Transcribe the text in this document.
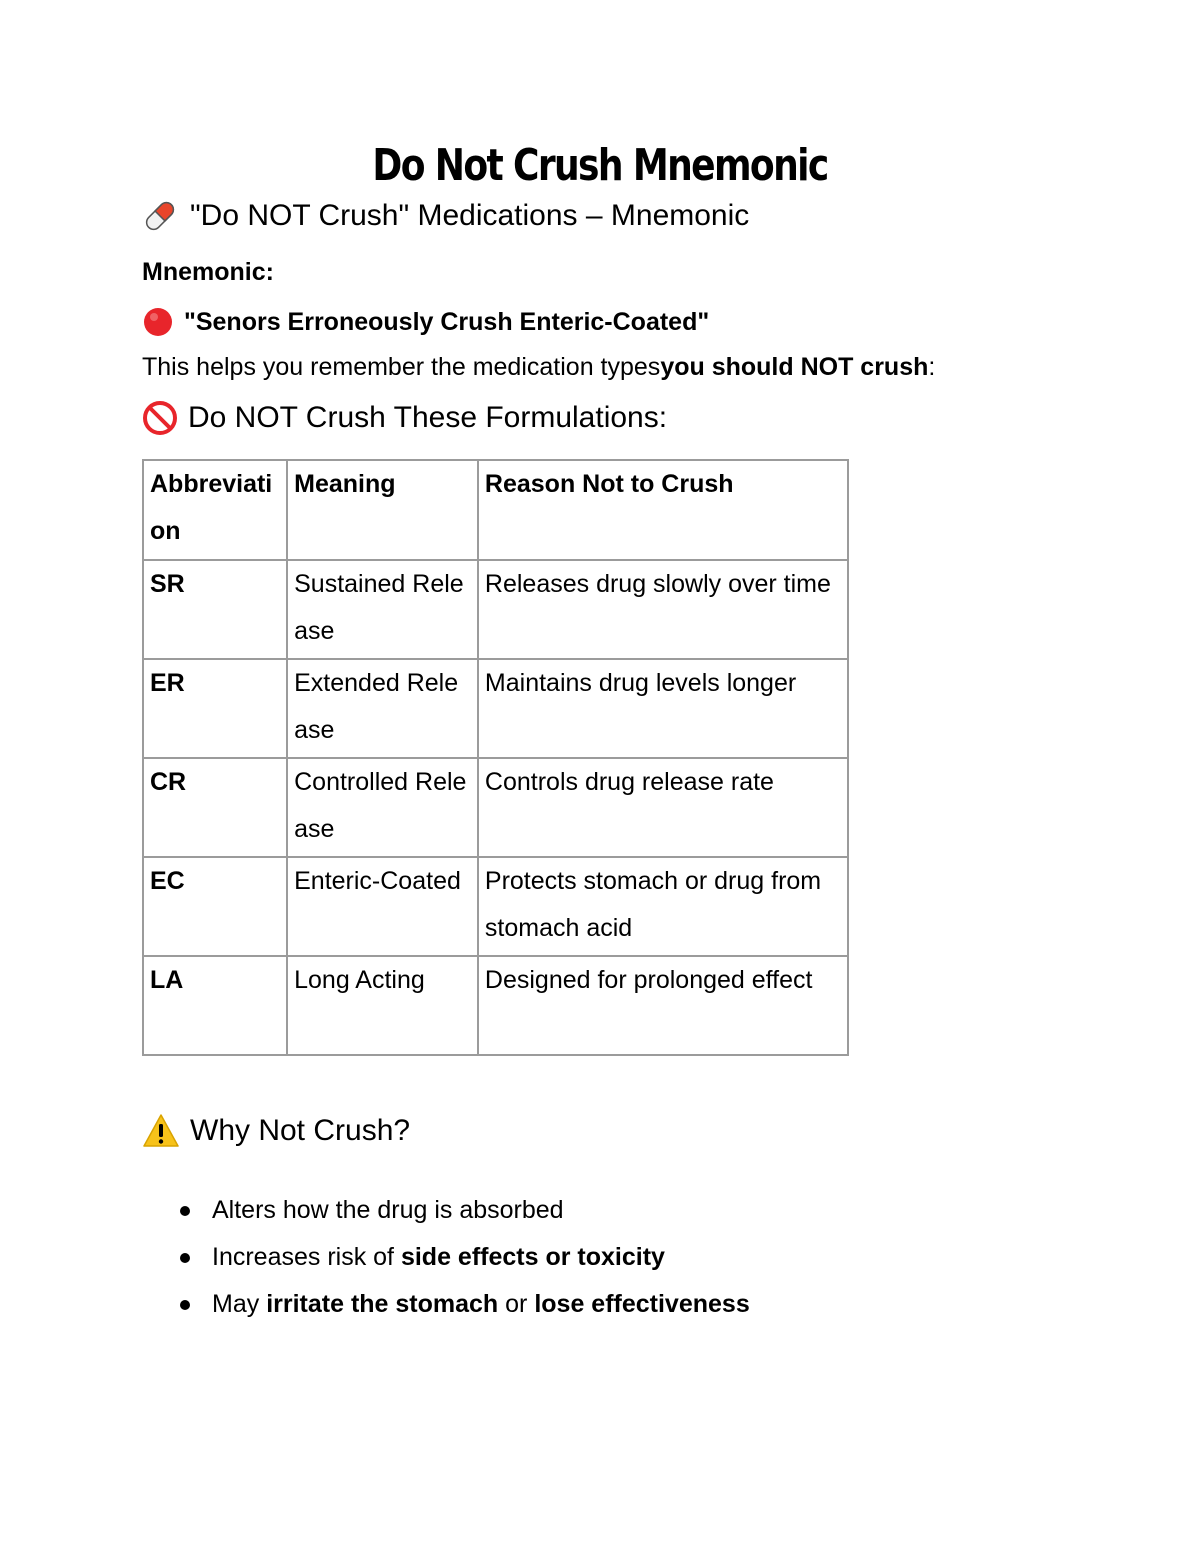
Do Not Crush Mnemonic
"Do NOT Crush" Medications – Mnemonic
Mnemonic:
"Senors Erroneously Crush Enteric-Coated"
This helps you remember the medication types you should NOT crush :
Do NOT Crush These Formulations:
Abbreviation	Meaning	Reason Not to Crush
SR	Sustained Release	Releases drug slowly over time
ER	Extended Release	Maintains drug levels longer
CR	Controlled Release	Controls drug release rate
EC	Enteric-Coated	Protects stomach or drug from stomach acid
LA	Long Acting	Designed for prolonged effect
Why Not Crush?
Alters how the drug is absorbed
Increases risk of side effects or toxicity
May irritate the stomach or lose effectiveness
